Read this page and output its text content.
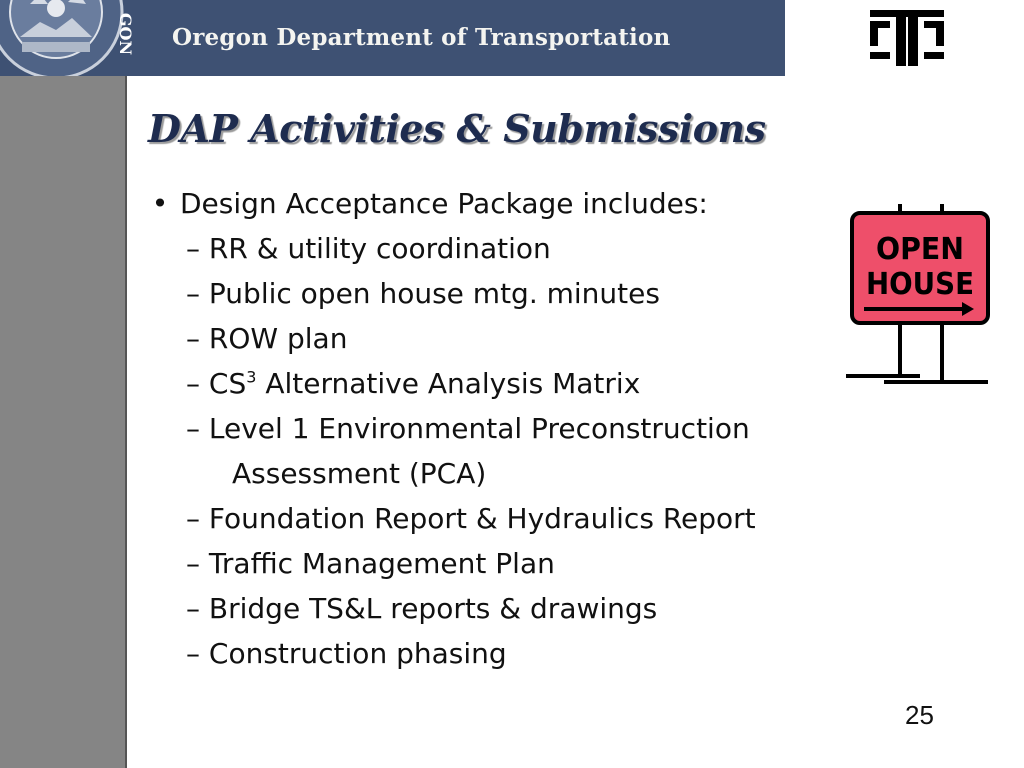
GON Oregon Department of Transportation
DAP Activities & Submissions
• Design Acceptance Package includes:
– RR & utility coordination
– Public open house mtg. minutes
– ROW plan
– $CS^3$ Alternative Analysis Matrix
– Level 1 Environmental Preconstruction
Assessment (PCA)
– Foundation Report & Hydraulics Report
– Traffic Management Plan
– Bridge TS&L reports & drawings
– Construction phasing
OPEN
HOUSE
25
